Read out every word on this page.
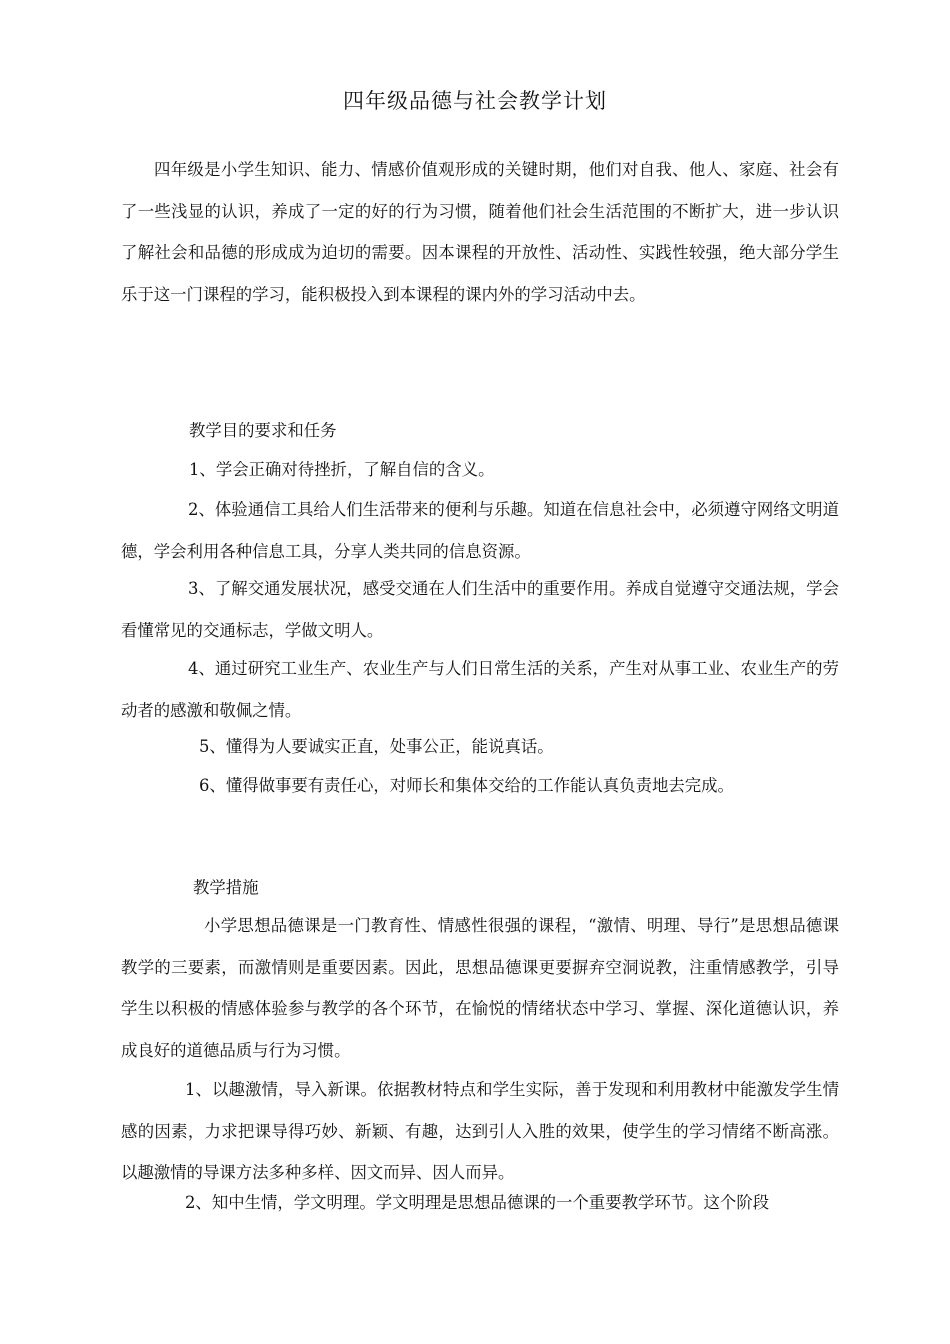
四年级品德与社会教学计划

四年级是小学生知识、能力、情感价值观形成的关键时期，他们对自我、他人、家庭、社会有了一些浅显的认识，养成了一定的好的行为习惯，随着他们社会生活范围的不断扩大，进一步认识了解社会和品德的形成成为迫切的需要。因本课程的开放性、活动性、实践性较强，绝大部分学生乐于这一门课程的学习，能积极投入到本课程的课内外的学习活动中去。

教学目的要求和任务
1、学会正确对待挫折，了解自信的含义。

2、体验通信工具给人们生活带来的便利与乐趣。知道在信息社会中，必须遵守网络文明道德，学会利用各种信息工具，分享人类共同的信息资源。

3、了解交通发展状况，感受交通在人们生活中的重要作用。养成自觉遵守交通法规，学会看懂常见的交通标志，学做文明人。

4、通过研究工业生产、农业生产与人们日常生活的关系，产生对从事工业、农业生产的劳动者的感激和敬佩之情。

5、懂得为人要诚实正直，处事公正，能说真话。
6、懂得做事要有责任心，对师长和集体交给的工作能认真负责地去完成。
教学措施

小学思想品德课是一门教育性、情感性很强的课程，“激情、明理、导行”是思想品德课教学的三要素，而激情则是重要因素。因此，思想品德课更要摒弃空洞说教，注重情感教学，引导学生以积极的情感体验参与教学的各个环节，在愉悦的情绪状态中学习、掌握、深化道德认识，养成良好的道德品质与行为习惯。

1、以趣激情，导入新课。依据教材特点和学生实际，善于发现和利用教材中能激发学生情感的因素，力求把课导得巧妙、新颖、有趣，达到引人入胜的效果，使学生的学习情绪不断高涨。以趣激情的导课方法多种多样、因文而异、因人而异。

2、知中生情，学文明理。学文明理是思想品德课的一个重要教学环节。这个阶段
